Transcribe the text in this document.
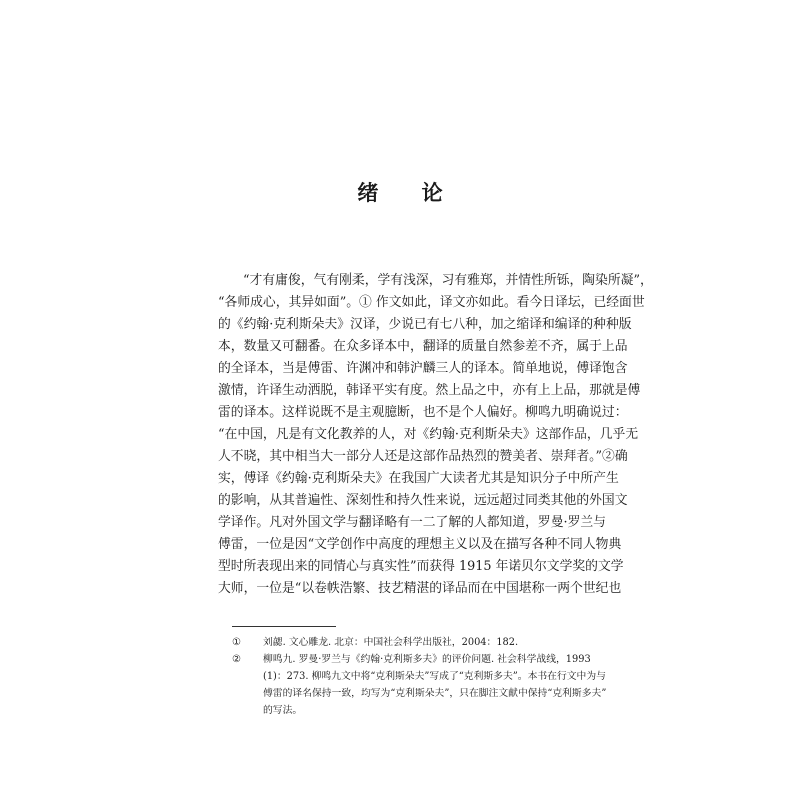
绪 论
“才有庸俊，气有刚柔，学有浅深，习有雅郑，并情性所铄，陶染所凝”，
“各师成心，其异如面”。① 作文如此，译文亦如此。看今日译坛，已经面世
的《约翰·克利斯朵夫》汉译，少说已有七八种，加之缩译和编译的种种版
本，数量又可翻番。在众多译本中，翻译的质量自然参差不齐，属于上品
的全译本，当是傅雷、许渊冲和韩沪麟三人的译本。简单地说，傅译饱含
激情，许译生动洒脱，韩译平实有度。然上品之中，亦有上上品，那就是傅
雷的译本。这样说既不是主观臆断，也不是个人偏好。柳鸣九明确说过：
“在中国，凡是有文化教养的人，对《约翰·克利斯朵夫》这部作品，几乎无
人不晓，其中相当大一部分人还是这部作品热烈的赞美者、崇拜者。”②确
实，傅译《约翰·克利斯朵夫》在我国广大读者尤其是知识分子中所产生
的影响，从其普遍性、深刻性和持久性来说，远远超过同类其他的外国文
学译作。凡对外国文学与翻译略有一二了解的人都知道，罗曼·罗兰与
傅雷，一位是因“文学创作中高度的理想主义以及在描写各种不同人物典
型时所表现出来的同情心与真实性”而获得 1915 年诺贝尔文学奖的文学
大师，一位是“以卷帙浩繁、技艺精湛的译品而在中国堪称一两个世纪也
① 刘勰. 文心雕龙. 北京：中国社会科学出版社，2004：182.
② 柳鸣九. 罗曼·罗兰与《约翰·克利斯多夫》的评价问题. 社会科学战线，1993
(1)：273. 柳鸣九文中将“克利斯朵夫”写成了“克利斯多夫”。本书在行文中为与
傅雷的译名保持一致，均写为“克利斯朵夫”，只在脚注文献中保持“克利斯多夫”
的写法。
